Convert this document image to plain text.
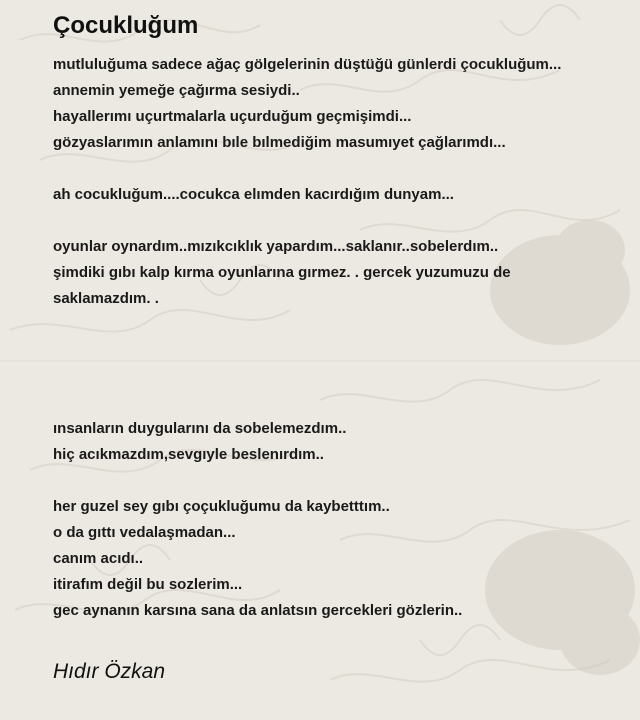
Çocukluğum
mutluluğuma sadece ağaç gölgelerinin düştüğü günlerdi çocukluğum...
annemin yemeğe çağırma sesiydi..
hayallerımı uçurtmalarla uçurduğum geçmişimdi...
gözyaslarımın anlamını bıle bılmediğim masumıyet çağlarımdı...
ah cocukluğum....cocukca elımden kacırdığım dunyam...
oyunlar oynardım..mızıkcıklık yapardım...saklanır..sobelerdım..
şimdiki gıbı kalp kırma oyunlarına gırmez. . gercek yuzumuzu de
saklamazdım. .
ınsanların duygularını da sobelemezdım..
hiç acıkmazdım,sevgıyle beslenırdım..
her guzel sey gıbı çoçukluğumu da kaybetttım..
o da gıttı vedalaşmadan...
canım acıdı..
itirafım değil bu sozlerim...
gec aynanın karsına sana da anlatsın gercekleri gözlerin..
Hıdır Özkan
